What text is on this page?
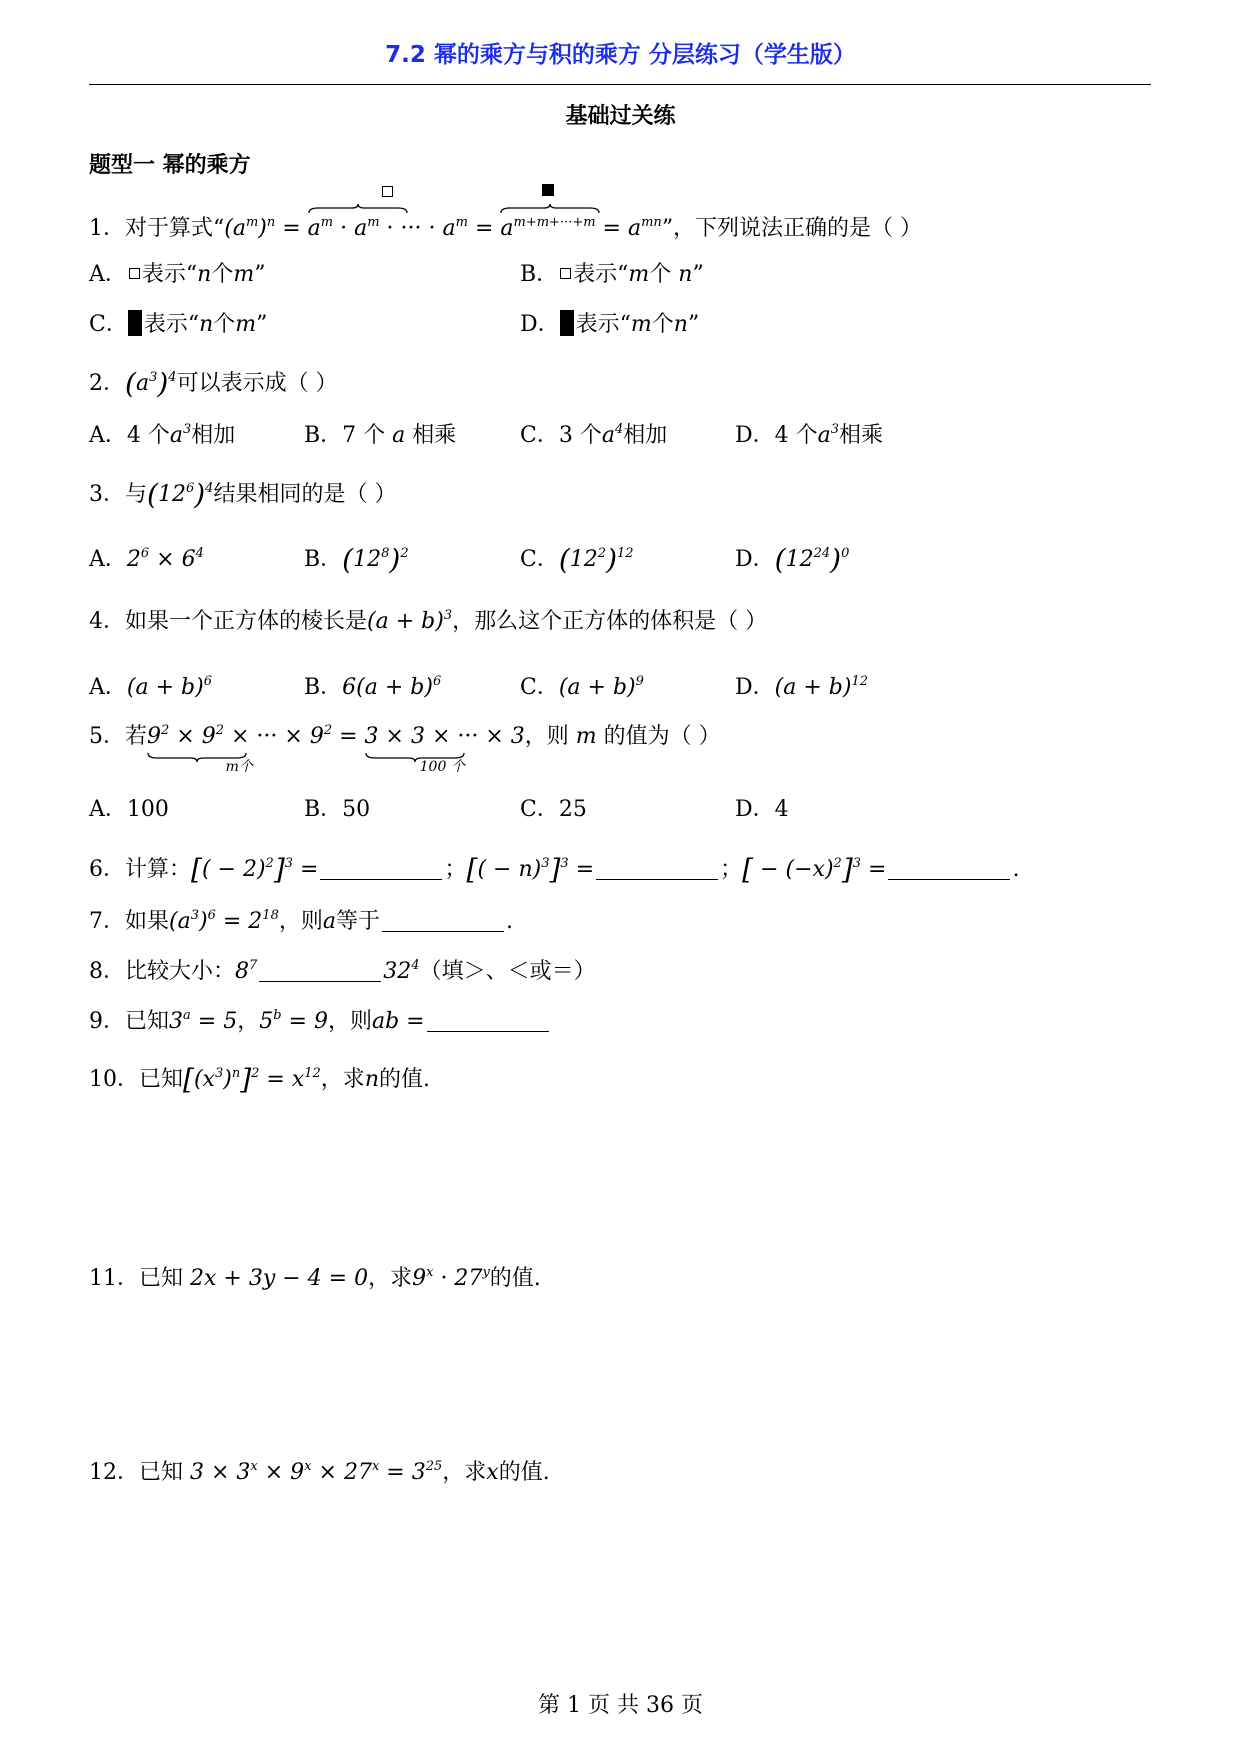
7.2 幂的乘方与积的乘方 分层练习（学生版）
基础过关练
题型一 幂的乘方
1．对于算式“$(a^m)^n$ =
$a^m \cdot a^m$ · ··· · $a^m$ =
$a^{m+m+\cdot\cdot\cdot+m} = a^{mn}$”，下列说法正确的是（ ）
A． 表示“n个m”	B． 表示“m个 n”
C． 表示“n个m”	D． 表示“m个n”
2．$(a^3)^4$可以表示成（ ）
A．4 个$a^3$相加	B．7 个 a 相乘	C．3 个$a^4$相加	D．4 个$a^3$相乘
3．与$(12^6)^4$结果相同的是（ ）
A．$2^6 \times 6^4$	B．$(12^8)^2$	C．$(12^2)^{12}$	D．$(12^{24})^0$
4．如果一个正方体的棱长是$(a + b)^3$，那么这个正方体的体积是（ ）
A．$(a + b)^6$	B．$6(a + b)^6$	C．$(a + b)^9$	D．$(a + b)^{12}$
5．若$9^2 \times 9^2$ × ··· × $9^2$
m个
= 3 × 3 × ··· × 3
100 个
，则 m 的值为（ ）
A．100	B．50	C．25	D．4
6．计算：[( − 2)$^2$]$^3$ =	；[( − n)$^3$]$^3$ =	；[ − $(-x)^2]^3$ =	.
7．如果$(a^3)^6 = 2^{18}$，则a等于	.
8．比较大小：$8^7$	$32^4$（填＞、＜或＝）
9．已知$3^a = 5$，$5^b = 9$，则ab =
10．已知$[(x^3)^n]^2 = x^{12}$，求n的值.
11．已知 2x + 3y − 4 = 0，求$9^x \cdot 27^y$的值.
12．已知 $3 \times 3^x \times 9^x \times 27^x = 3^{25}$，求x的值.
第 1 页 共 36 页
